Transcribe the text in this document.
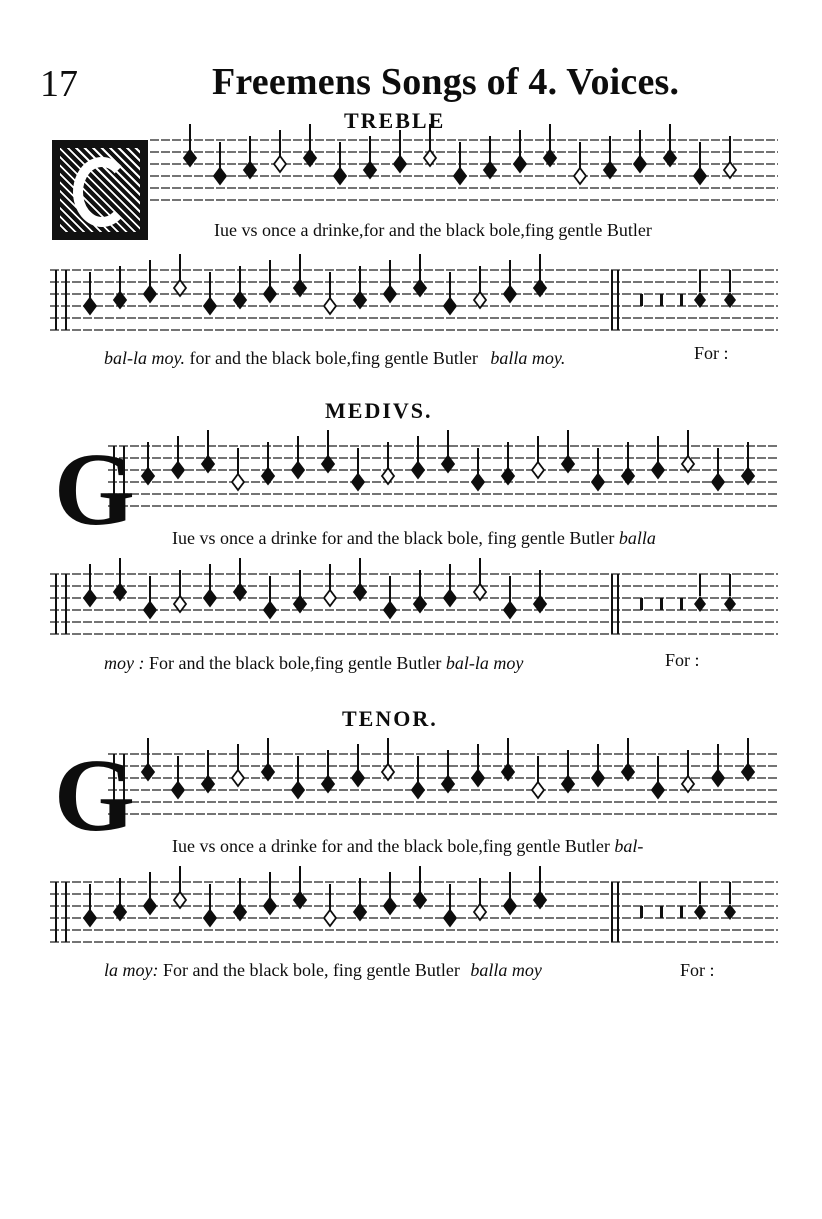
17	Freemens Songs of 4. Voices.
TREBLE
Iue vs once a drinke,for and the black bole,fing gentle Butler
bal-la moy. for and the black bole,fing gentle Butler balla moy.	For :
MEDIVS.
G Iue vs once a drinke for and the black bole, fing gentle Butler balla
moy : For and the black bole,fing gentle Butler bal-la moy	For :
TENOR.
G Iue vs once a drinke for and the black bole,fing gentle Butler bal-
la moy: For and the black bole, fing gentle Butler balla moy	For :
